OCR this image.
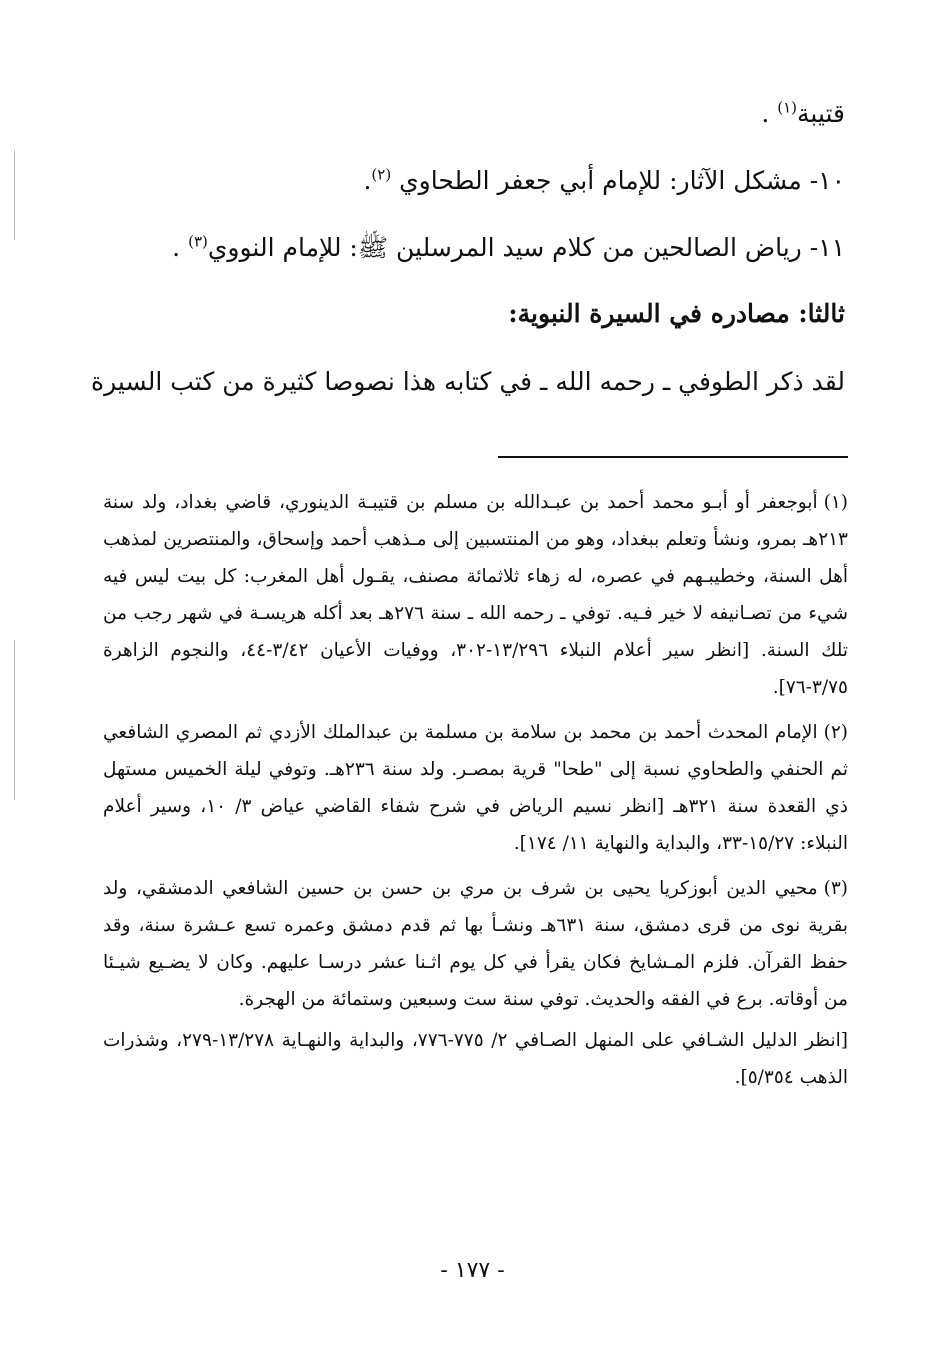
قتيبة$^{(١)}$ .
١٠- مشكل الآثار: للإمام أبي جعفر الطحاوي $^{(٢)}$.
١١- رياض الصالحين من كلام سيد المرسلين ﷺ: للإمام النووي$^{(٣)}$ .
ثالثا: مصادره في السيرة النبوية:
لقد ذكر الطوفي ـ رحمه الله ـ في كتابه هذا نصوصا كثيرة من كتب السيرة

(١)أبوجعفر أو أبـو محمد أحمد بن عبـدالله بن مسلم بن قتيبـة الدينوري، قاضي بغداد، ولد سنة ٢١٣هـ بمرو، ونشأ وتعلم ببغداد، وهو من المنتسبين إلى مـذهب أحمد وإسحاق، والمنتصرين لمذهب أهل السنة، وخطيبـهم في عصره، له زهاء ثلاثمائة مصنف، يقـول أهل المغرب: كل بيت ليس فيه شيء من تصـانيفه لا خير فـيه. توفي ـ رحمه الله ـ سنة ٢٧٦هـ بعد أكله هريسـة في شهر رجب من تلك السنة. [انظر سير أعلام النبلاء ١٣/٢٩٦-٣٠٢، ووفيات الأعيان ٣/٤٢-٤٤، والنجوم الزاهرة ٣/٧٥-٧٦].

(٢)الإمام المحدث أحمد بن محمد بن سلامة بن مسلمة بن عبدالملك الأزدي ثم المصري الشافعي ثم الحنفي والطحاوي نسبة إلى "طحا" قرية بمصـر. ولد سنة ٢٣٦هـ. وتوفي ليلة الخميس مستهل ذي القعدة سنة ٣٢١هـ [انظر نسيم الرياض في شرح شفاء القاضي عياض ٣/ ١٠، وسير أعلام النبلاء: ١٥/٢٧-٣٣، والبداية والنهاية ١١/ ١٧٤].

(٣)محيي الدين أبوزكريا يحيى بن شرف بن مري بن حسن بن حسين الشافعي الدمشقي، ولد بقرية نوى من قرى دمشق، سنة ٦٣١هـ ونشـأ بها ثم قدم دمشق وعمره تسع عـشرة سنة، وقد حفظ القرآن. فلزم المـشايخ فكان يقرأ في كل يوم اثـنا عشر درسـا عليهم. وكان لا يضـيع شيـئا من أوقاته. برع في الفقه والحديث. توفي سنة ست وسبعين وستمائة من الهجرة.

[انظر الدليل الشـافي على المنهل الصـافي ٢/ ٧٧٥-٧٧٦، والبداية والنهـاية ١٣/٢٧٨-٢٧٩، وشذرات الذهب ٥/٣٥٤].

- ١٧٧ -
